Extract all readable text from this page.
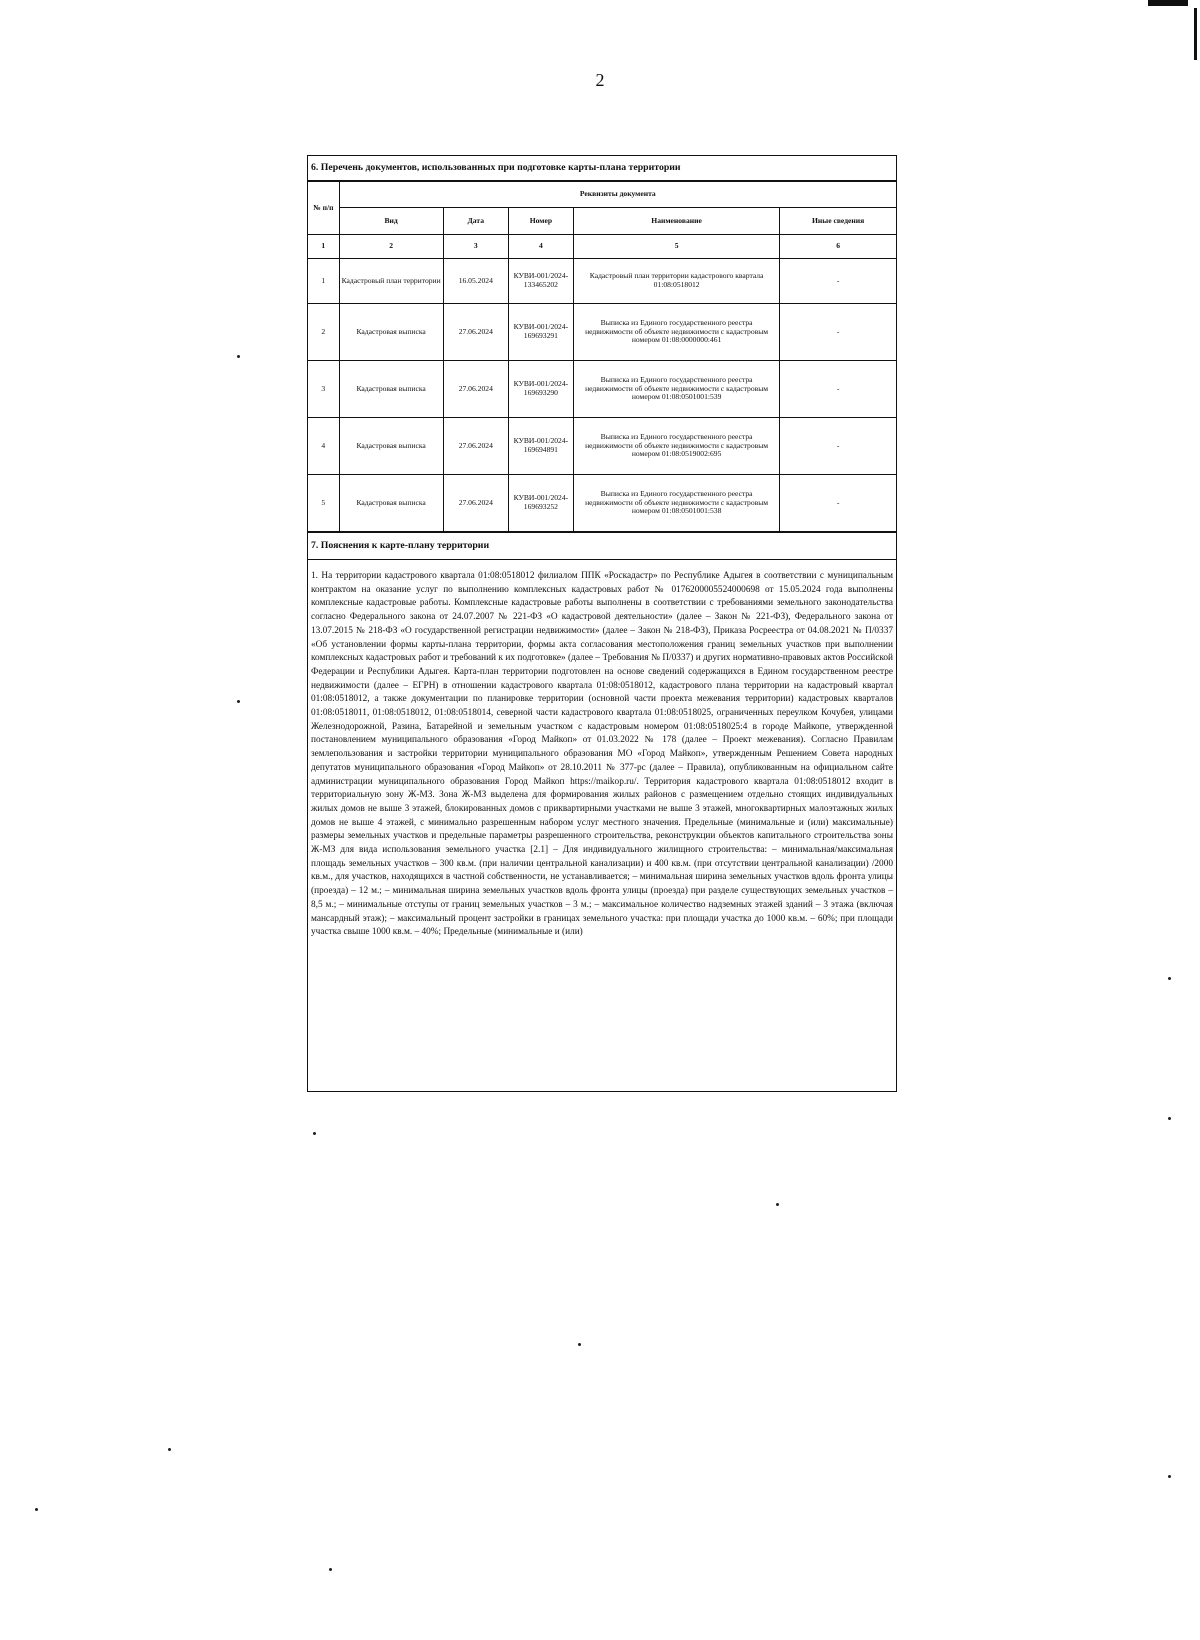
2
6. Перечень документов, использованных при подготовке карты-плана территории
№ п/п	Реквизиты документа				
	Вид	Дата	Номер	Наименование	Иные сведения
1	2	3	4	5	6
1	Кадастровый план территории	16.05.2024	КУВИ-001/2024-133465202	Кадастровый план территории кадастрового квартала 01:08:0518012	-
2	Кадастровая выписка	27.06.2024	КУВИ-001/2024-169693291	Выписка из Единого государственного реестра недвижимости об объекте недвижимости с кадастровым номером 01:08:0000000:461	-
3	Кадастровая выписка	27.06.2024	КУВИ-001/2024-169693290	Выписка из Единого государственного реестра недвижимости об объекте недвижимости с кадастровым номером 01:08:0501001:539	-
4	Кадастровая выписка	27.06.2024	КУВИ-001/2024-169694891	Выписка из Единого государственного реестра недвижимости об объекте недвижимости с кадастровым номером 01:08:0519002:695	-
5	Кадастровая выписка	27.06.2024	КУВИ-001/2024-169693252	Выписка из Единого государственного реестра недвижимости об объекте недвижимости с кадастровым номером 01:08:0501001:538	-
7. Пояснения к карте-плану территории
1. На территории кадастрового квартала 01:08:0518012 филиалом ППК «Роскадастр» по Республике Адыгея в соответствии с муниципальным контрактом на оказание услуг по выполнению комплексных кадастровых работ № 0176200005524000698 от 15.05.2024 года выполнены комплексные кадастровые работы. Комплексные кадастровые работы выполнены в соответствии с требованиями земельного законодательства согласно Федерального закона от 24.07.2007 № 221-ФЗ «О кадастровой деятельности» (далее – Закон № 221-ФЗ), Федерального закона от 13.07.2015 № 218-ФЗ «О государственной регистрации недвижимости» (далее – Закон № 218-ФЗ), Приказа Росреестра от 04.08.2021 № П/0337 «Об установлении формы карты-плана территории, формы акта согласования местоположения границ земельных участков при выполнении комплексных кадастровых работ и требований к их подготовке» (далее – Требования № П/0337) и других нормативно-правовых актов Российской Федерации и Республики Адыгея. Карта-план территории подготовлен на основе сведений содержащихся в Едином государственном реестре недвижимости (далее – ЕГРН) в отношении кадастрового квартала 01:08:0518012, кадастрового плана территории на кадастровый квартал 01:08:0518012, а также документации по планировке территории (основной части проекта межевания территории) кадастровых кварталов 01:08:0518011, 01:08:0518012, 01:08:0518014, северной части кадастрового квартала 01:08:0518025, ограниченных переулком Кочубея, улицами Железнодорожной, Разина, Батарейной и земельным участком с кадастровым номером 01:08:0518025:4 в городе Майкопе, утвержденной постановлением муниципального образования «Город Майкоп» от 01.03.2022 № 178 (далее – Проект межевания). Согласно Правилам землепользования и застройки территории муниципального образования МО «Город Майкоп», утвержденным Решением Совета народных депутатов муниципального образования «Город Майкоп» от 28.10.2011 № 377-рс (далее – Правила), опубликованным на официальном сайте администрации муниципального образования Город Майкоп https://maikop.ru/. Территория кадастрового квартала 01:08:0518012 входит в территориальную зону Ж-МЗ. Зона Ж-МЗ выделена для формирования жилых районов с размещением отдельно стоящих индивидуальных жилых домов не выше 3 этажей, блокированных домов с приквартирными участками не выше 3 этажей, многоквартирных малоэтажных жилых домов не выше 4 этажей, с минимально разрешенным набором услуг местного значения. Предельные (минимальные и (или) максимальные) размеры земельных участков и предельные параметры разрешенного строительства, реконструкции объектов капитального строительства зоны Ж-МЗ для вида использования земельного участка [2.1] – Для индивидуального жилищного строительства: – минимальная/максимальная площадь земельных участков – 300 кв.м. (при наличии центральной канализации) и 400 кв.м. (при отсутствии центральной канализации) /2000 кв.м., для участков, находящихся в частной собственности, не устанавливается; – минимальная ширина земельных участков вдоль фронта улицы (проезда) – 12 м.; – минимальная ширина земельных участков вдоль фронта улицы (проезда) при разделе существующих земельных участков – 8,5 м.; – минимальные отступы от границ земельных участков – 3 м.; – максимальное количество надземных этажей зданий – 3 этажа (включая мансардный этаж); – максимальный процент застройки в границах земельного участка: при площади участка до 1000 кв.м. – 60%; при площади участка свыше 1000 кв.м. – 40%; Предельные (минимальные и (или)
